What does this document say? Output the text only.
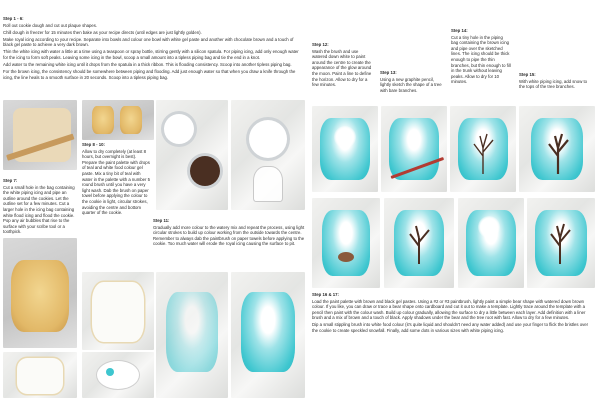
Step 1 - 6:

Roll out cookie dough and cut out plaque shapes.

Chill dough in freezer for 15 minutes then bake as your recipe directs (until edges are just lightly golden).

Make royal icing according to your recipe. Separate into bowls and colour one bowl with white gel paste and another with chocolate brown and a touch of black gel paste to achieve a very dark brown.

Thin the white icing with water a little at a time using a teaspoon or spray bottle, stirring gently with a silicon spatula. For piping icing, add only enough water for the icing to form soft peaks. Leaving some icing in the bowl, scoop a small amount into a tipless piping bag and tie the end in a knot.

Add water to the remaining white icing until it drops from the spatula in a thick ribbon. This is flooding consistency. Scoop into another tipless piping bag.

For the brown icing, the consistency should be somewhere between piping and flooding. Add just enough water so that when you draw a knife through the icing, the line heals to a smooth surface in 20 seconds. Scoop into a tipless piping bag.

Step 7:
Cut a small hole in the bag containing the white piping icing and pipe an outline around the cookies. Let the outline set for a few minutes. Cut a larger hole in the icing bag containing white flood icing and flood the cookie. Pop any air bubbles that rise to the surface with your scribe tool or a toothpick.
Step 8 - 10:
Allow to dry completely (at least 8 hours, but overnight is best). Prepare the paint palette with drops of teal and white food colour gel paste. Mix a tiny bit of teal with water in the palette with a number 5 round brush until you have a very light wash. Dab the brush on paper towel before applying the colour to the cookie in light, circular strokes, avoiding the centre and bottom quarter of the cookie.
Step 11:
Gradually add more colour to the watery mix and repeat the process, using light circular strokes to build up colour working from the outside towards the centre. Remember to always dab the paintbrush on paper towels before applying to the cookie. Too much water will erode the royal icing causing the surface to pit.
Step 12:
Wash the brush and use watered down white to paint around the centre to create the appearance of the glow around the moon. Paint a line to define the horizon. Allow to dry for a few minutes.
Step 13:
Using a new graphite pencil, lightly sketch the shape of a tree with bare branches.
Step 14:
Cut a tiny hole in the piping bag containing the brown icing and pipe over the sketched lines. The icing should be thick enough to pipe the thin branches, but thin enough to fill in the trunk without leaving peaks. Allow to dry for 10 minutes.
Step 15:
With white piping icing, add snow to the tops of the tree branches.
Step 16 & 17:

Load the paint palette with brown and black gel pastes. Using a #2 or #3 paintbrush, lightly paint a simple bear shape with watered down brown colour. If you like, you can draw or trace a bear shape onto cardboard and cut it out to make a template. Lightly trace around the template with a pencil then paint with the colour wash. Build up colour gradually, allowing the surface to dry a little between each layer. Add definition with a liner brush and a mix of brown and a touch of black. Apply shadows under the bear and the tree root with fast. Allow to dry for a few minutes.

Dip a small stippling brush into white food colour (it's quite liquid and shouldn't need any water added) and use your finger to flick the bristles over the cookie to create speckled snowfall. Finally, add some dots in various sizes with white piping icing.
